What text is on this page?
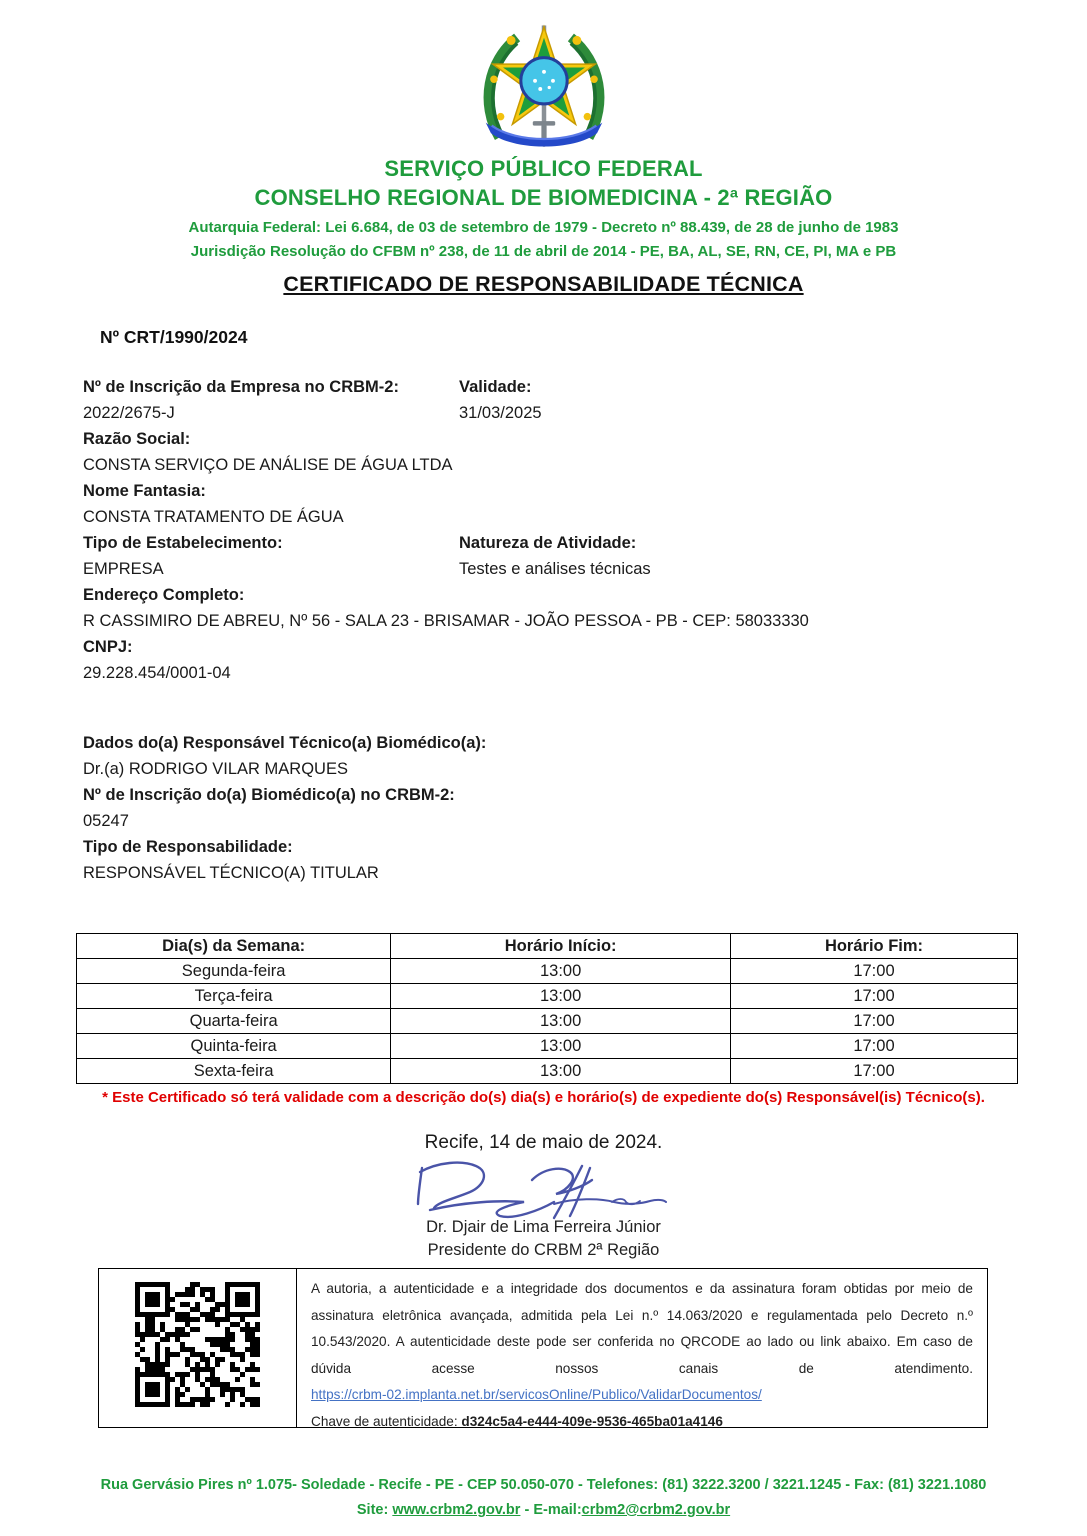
SERVIÇO PÚBLICO FEDERAL
CONSELHO REGIONAL DE BIOMEDICINA - 2ª REGIÃO
Autarquia Federal: Lei 6.684, de 03 de setembro de 1979 - Decreto nº 88.439, de 28 de junho de 1983
Jurisdição Resolução do CFBM nº 238, de 11 de abril de 2014 - PE, BA, AL, SE, RN, CE, PI, MA e PB
CERTIFICADO DE RESPONSABILIDADE TÉCNICA
Nº CRT/1990/2024
Nº de Inscrição da Empresa no CRBM-2:	Validade:
2022/2675-J	31/03/2025
Razão Social:
CONSTA SERVIÇO DE ANÁLISE DE ÁGUA LTDA
Nome Fantasia:
CONSTA TRATAMENTO DE ÁGUA
Tipo de Estabelecimento:	Natureza de Atividade:
EMPRESA	Testes e análises técnicas
Endereço Completo:
R CASSIMIRO DE ABREU, Nº 56 - SALA 23 - BRISAMAR - JOÃO PESSOA - PB - CEP: 58033330
CNPJ:
29.228.454/0001-04
Dados do(a) Responsável Técnico(a) Biomédico(a):
Dr.(a) RODRIGO VILAR MARQUES
Nº de Inscrição do(a) Biomédico(a) no CRBM-2:
05247
Tipo de Responsabilidade:
RESPONSÁVEL TÉCNICO(A) TITULAR
Dia(s) da Semana:	Horário Início:	Horário Fim:
Segunda-feira	13:00	17:00
Terça-feira	13:00	17:00
Quarta-feira	13:00	17:00
Quinta-feira	13:00	17:00
Sexta-feira	13:00	17:00
* Este Certificado só terá validade com a descrição do(s) dia(s) e horário(s) de expediente do(s) Responsável(is) Técnico(s).
Recife, 14 de maio de 2024.
Dr. Djair de Lima Ferreira Júnior
Presidente do CRBM 2ª Região
A autoria, a autenticidade e a integridade dos documentos e da assinatura foram obtidas por meio de
assinatura eletrônica avançada, admitida pela Lei n.º 14.063/2020 e regulamentada pelo Decreto n.º
10.543/2020. A autenticidade deste pode ser conferida no QRCODE ao lado ou link abaixo. Em caso de
dúvida acesse nossos canais de atendimento.
https://crbm-02.implanta.net.br/servicosOnline/Publico/ValidarDocumentos/
Chave de autenticidade: d324c5a4-e444-409e-9536-465ba01a4146
Rua Gervásio Pires nº 1.075- Soledade - Recife - PE - CEP 50.050-070 - Telefones: (81) 3222.3200 / 3221.1245 - Fax: (81) 3221.1080
Site: www.crbm2.gov.br - E-mail:crbm2@crbm2.gov.br
